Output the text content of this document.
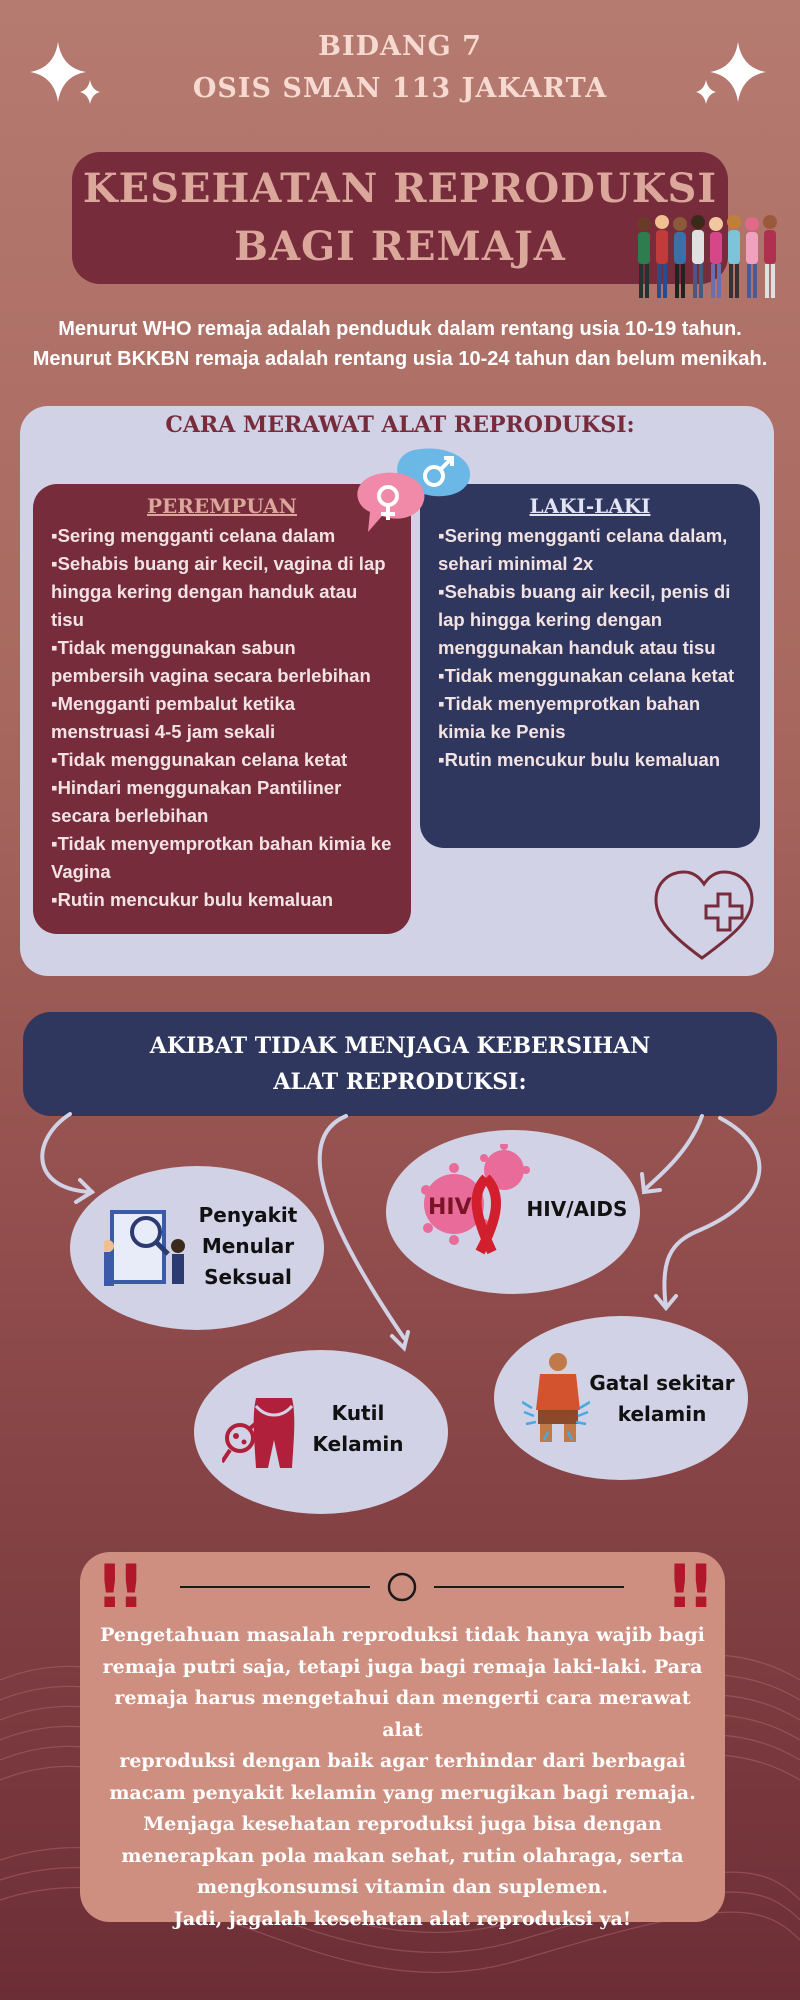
BIDANG 7
OSIS SMAN 113 JAKARTA
KESEHATAN REPRODUKSI
BAGI REMAJA
Menurut WHO remaja adalah penduduk dalam rentang usia 10-19 tahun.
Menurut BKKBN remaja adalah rentang usia 10-24 tahun dan belum menikah.
CARA MERAWAT ALAT REPRODUKSI:
PEREMPUAN
▪ Sering mengganti celana dalam
▪ Sehabis buang air kecil, vagina di lap hingga kering dengan handuk atau tisu
▪ Tidak menggunakan sabun pembersih vagina secara berlebihan
▪ Mengganti pembalut ketika menstruasi 4-5 jam sekali
▪ Tidak menggunakan celana ketat
▪ Hindari menggunakan Pantiliner secara berlebihan
▪ Tidak menyemprotkan bahan kimia ke Vagina
▪ Rutin mencukur bulu kemaluan
LAKI-LAKI
▪ Sering mengganti celana dalam, sehari minimal 2x
▪ Sehabis buang air kecil, penis di lap hingga kering dengan menggunakan handuk atau tisu
▪ Tidak menggunakan celana ketat
▪ Tidak menyemprotkan bahan kimia ke Penis
▪ Rutin mencukur bulu kemaluan
AKIBAT TIDAK MENJAGA KEBERSIHAN
ALAT REPRODUKSI:
Penyakit
Menular
Seksual
HIV	HIV/AIDS
Kutil
Kelamin
Gatal sekitar
kelamin
!!	!!
Pengetahuan masalah reproduksi tidak hanya wajib bagi
remaja putri saja, tetapi juga bagi remaja laki-laki. Para
remaja harus mengetahui dan mengerti cara merawat alat
reproduksi dengan baik agar terhindar dari berbagai
macam penyakit kelamin yang merugikan bagi remaja.
Menjaga kesehatan reproduksi juga bisa dengan
menerapkan pola makan sehat, rutin olahraga, serta
mengkonsumsi vitamin dan suplemen.
Jadi, jagalah kesehatan alat reproduksi ya!
